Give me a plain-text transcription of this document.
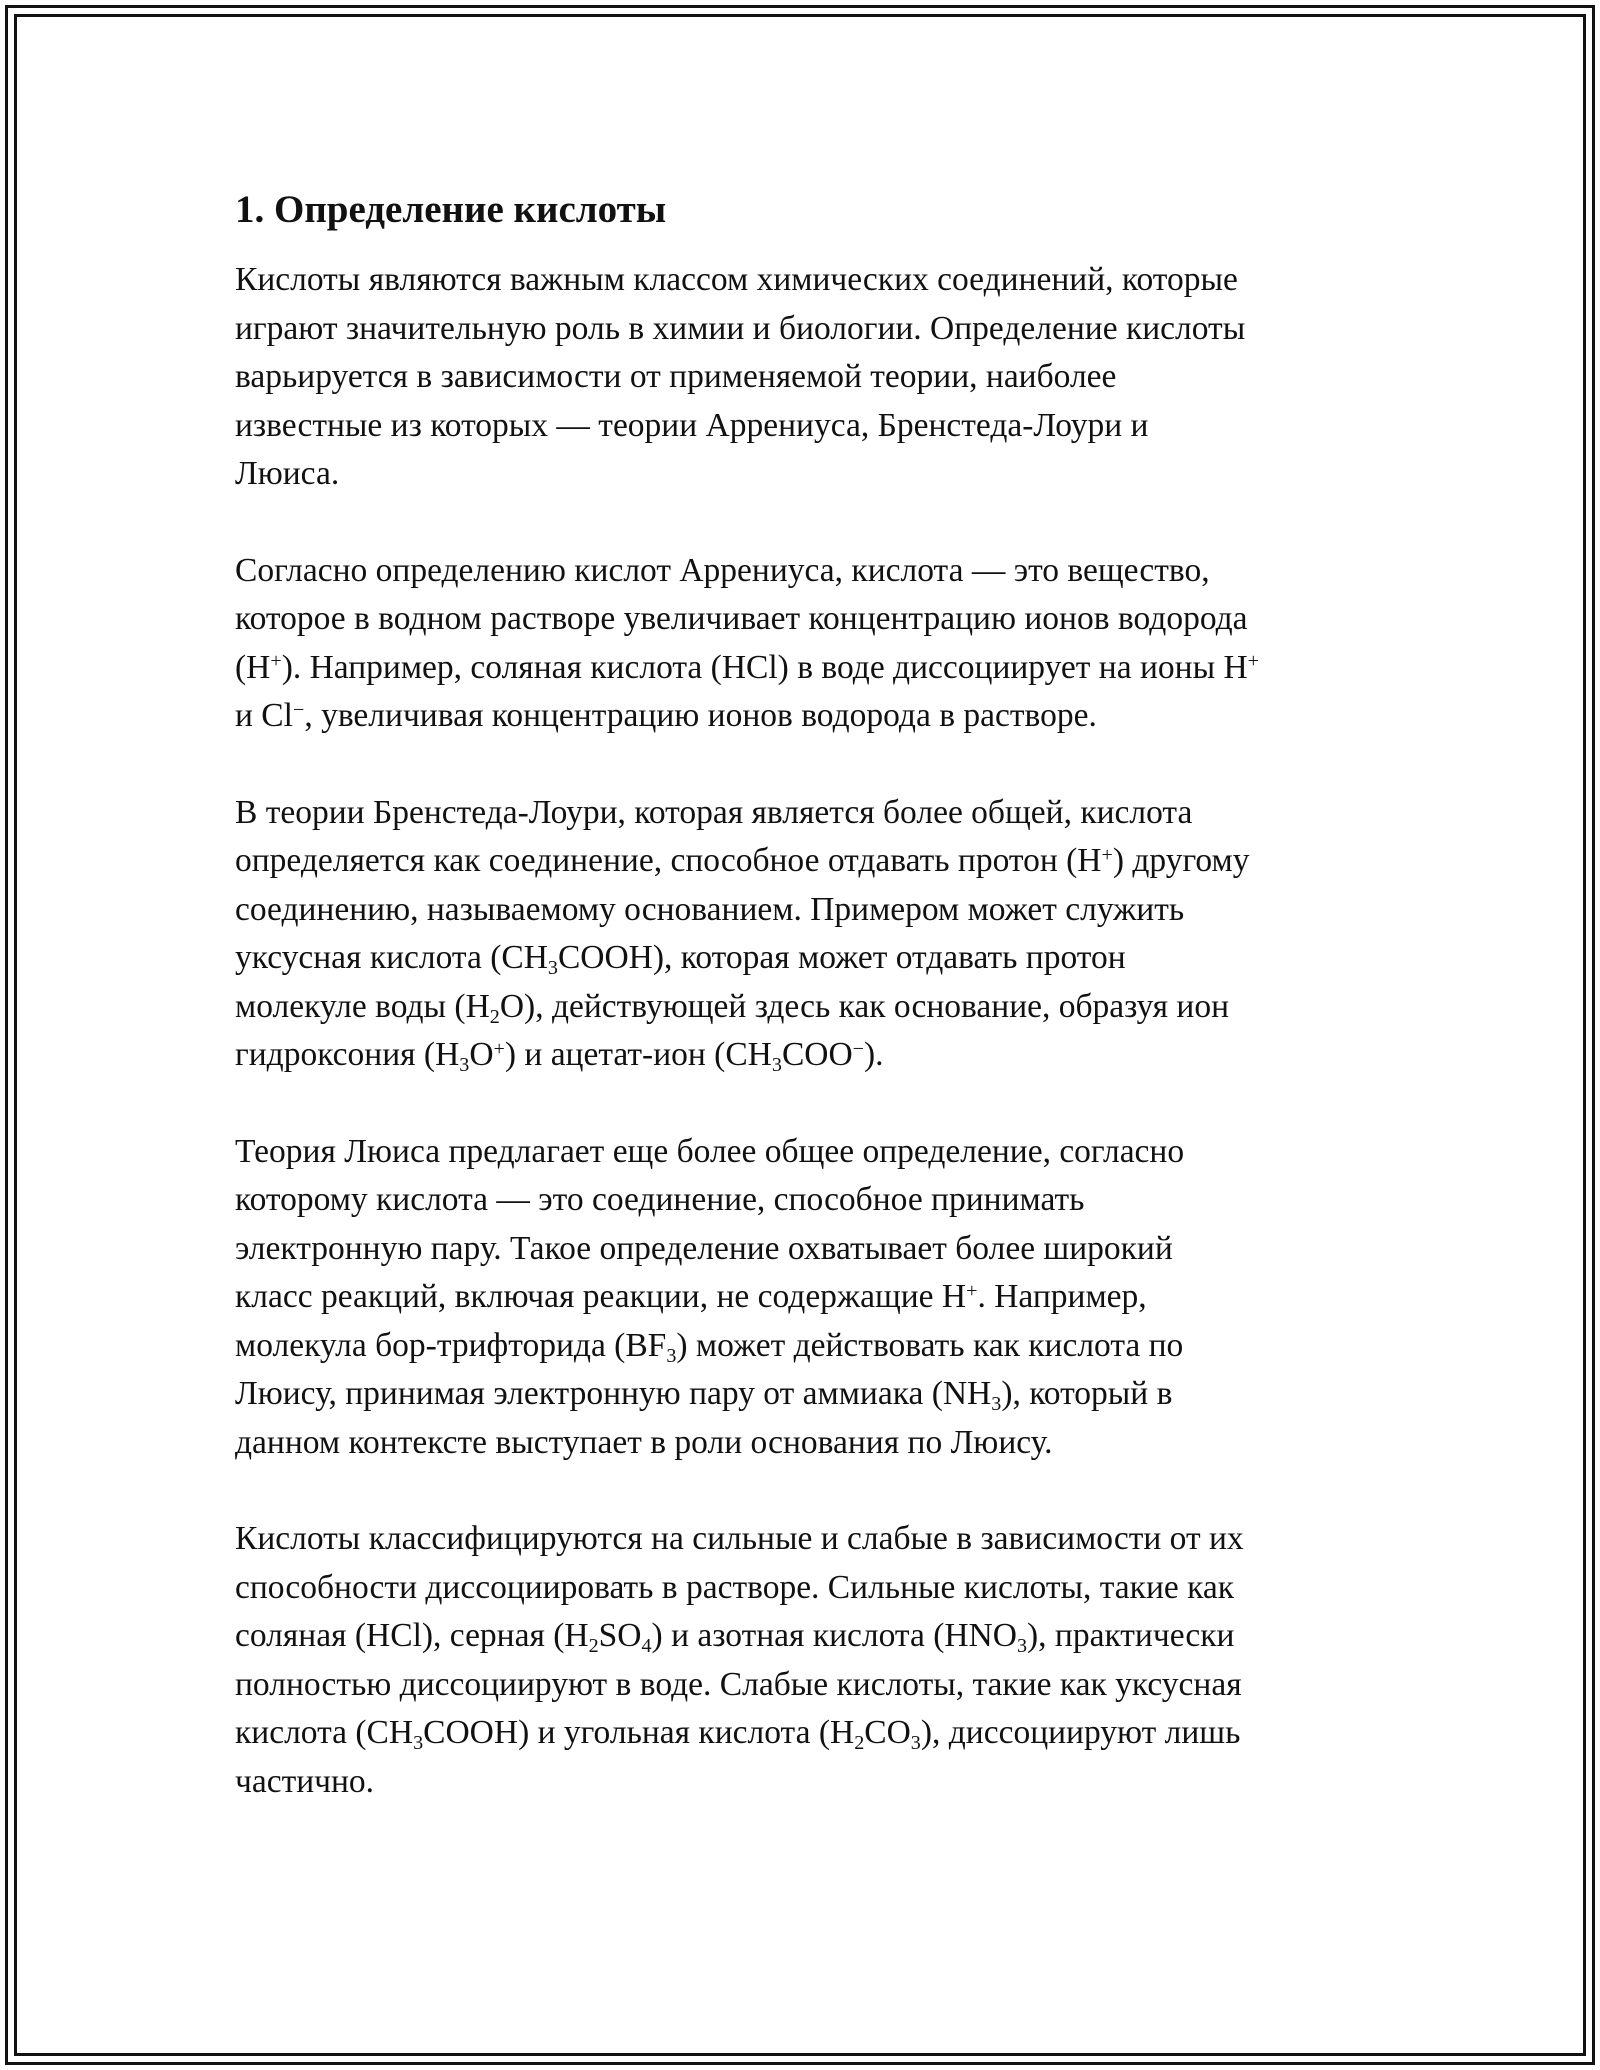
1. Определение кислоты

Кислоты являются важным классом химических соединений, которые
играют значительную роль в химии и биологии. Определение кислоты
варьируется в зависимости от применяемой теории, наиболее
известные из которых — теории Аррениуса, Бренстеда-Лоури и
Люиса.

Согласно определению кислот Аррениуса, кислота — это вещество,
которое в водном растворе увеличивает концентрацию ионов водорода
(H+). Например, соляная кислота (HCl) в воде диссоциирует на ионы H+
и Cl−, увеличивая концентрацию ионов водорода в растворе.

В теории Бренстеда-Лоури, которая является более общей, кислота
определяется как соединение, способное отдавать протон (H+) другому
соединению, называемому основанием. Примером может служить
уксусная кислота $(CH_3COOH)$, которая может отдавать протон
молекуле воды $(H_2O)$, действующей здесь как основание, образуя ион
гидроксония $(H_3O^+)$ и ацетат-ион $(CH_3COO^-)$.

Теория Люиса предлагает еще более общее определение, согласно
которому кислота — это соединение, способное принимать
электронную пару. Такое определение охватывает более широкий
класс реакций, включая реакции, не содержащие H+. Например,
молекула бор-трифторида $(BF_3)$ может действовать как кислота по
Люису, принимая электронную пару от аммиака $(NH_3)$, который в
данном контексте выступает в роли основания по Люису.

Кислоты классифицируются на сильные и слабые в зависимости от их
способности диссоциировать в растворе. Сильные кислоты, такие как
соляная (HCl), серная $(H_2SO_4)$ и азотная кислота $(HNO_3)$, практически
полностью диссоциируют в воде. Слабые кислоты, такие как уксусная
кислота $(CH_3COOH)$ и угольная кислота $(H_2CO_3)$, диссоциируют лишь
частично.
